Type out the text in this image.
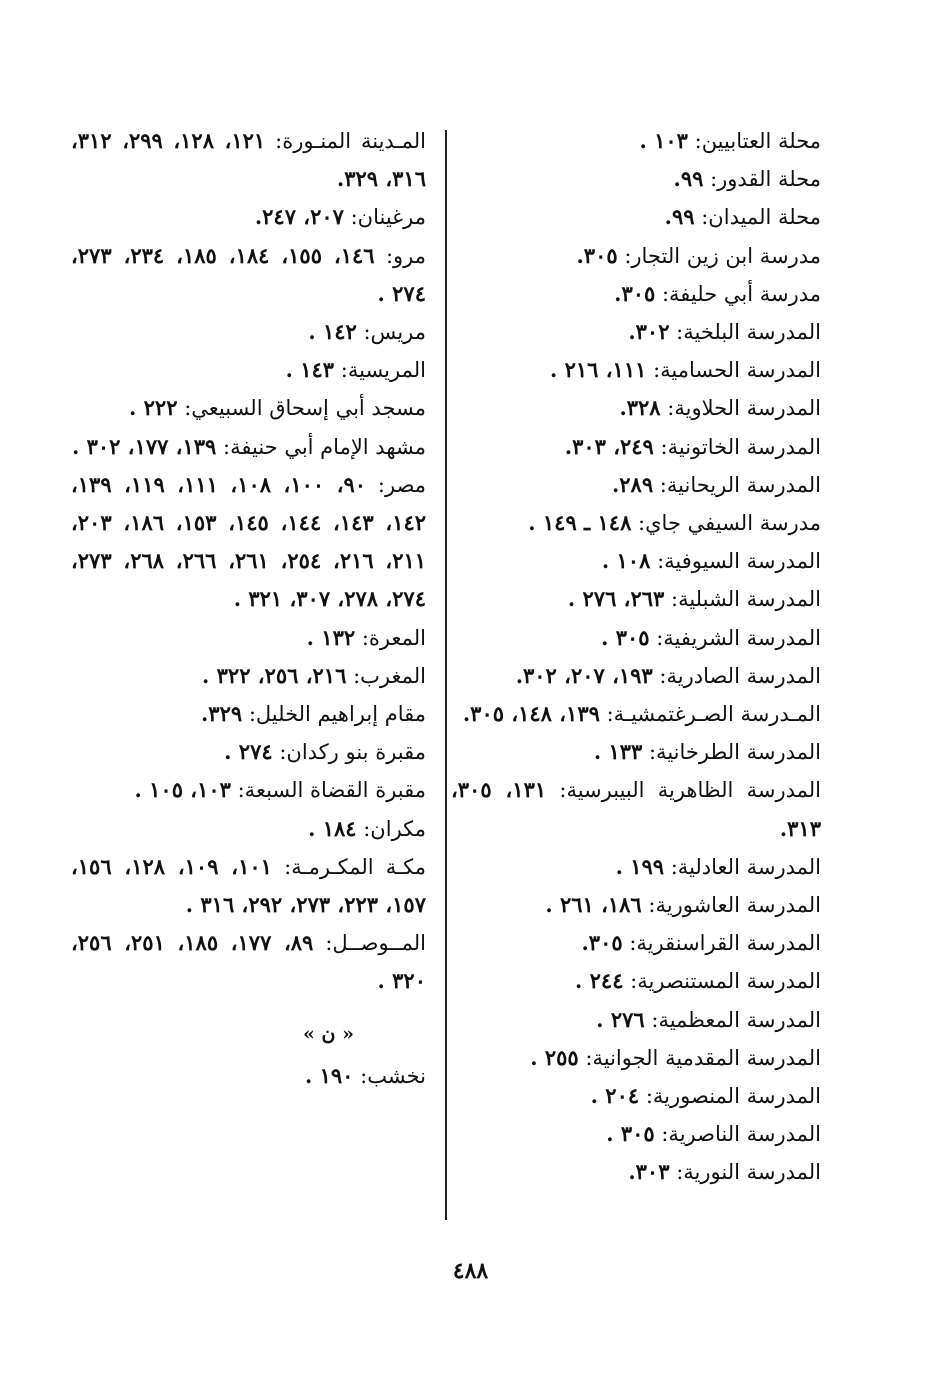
محلة العتابيين: ١٠٣ .

محلة القدور: ٩٩.

محلة الميدان: ٩٩.

مدرسة ابن زين التجار: ٣٠٥.

مدرسة أبي حليفة: ٣٠٥.

المدرسة البلخية: ٣٠٢.

المدرسة الحسامية: ١١١، ٢١٦ .

المدرسة الحلاوية: ٣٢٨.

المدرسة الخاتونية: ٢٤٩، ٣٠٣.

المدرسة الريحانية: ٢٨٩.

مدرسة السيفي جاي: ١٤٨ ـ ١٤٩ .

المدرسة السيوفية: ١٠٨ .

المدرسة الشبلية: ٢٦٣، ٢٧٦ .

المدرسة الشريفية: ٣٠٥ .

المدرسة الصادرية: ١٩٣، ٢٠٧، ٣٠٢.

المـدرسة الصـرغتمشيـة: ١٣٩، ١٤٨، ٣٠٥.

المدرسة الطرخانية: ١٣٣ .

المدرسة الظاهرية البيبرسية: ١٣١، ٣٠٥، ٣١٣.

المدرسة العادلية: ١٩٩ .

المدرسة العاشورية: ١٨٦، ٢٦١ .

المدرسة القراسنقرية: ٣٠٥.

المدرسة المستنصرية: ٢٤٤ .

المدرسة المعظمية: ٢٧٦ .

المدرسة المقدمية الجوانية: ٢٥٥ .

المدرسة المنصورية: ٢٠٤ .

المدرسة الناصرية: ٣٠٥ .

المدرسة النورية: ٣٠٣.

المـدينة المنـورة: ١٢١، ١٢٨، ٢٩٩، ٣١٢، ٣١٦، ٣٢٩.

مرغينان: ٢٠٧، ٢٤٧.

مرو: ١٤٦، ١٥٥، ١٨٤، ١٨٥، ٢٣٤، ٢٧٣، ٢٧٤ .

مريس: ١٤٢ .

المريسية: ١٤٣ .

مسجد أبي إسحاق السبيعي: ٢٢٢ .

مشهد الإمام أبي حنيفة: ١٣٩، ١٧٧، ٣٠٢ .

مصر: ٩٠، ١٠٠، ١٠٨، ١١١، ١١٩، ١٣٩، ١٤٢، ١٤٣، ١٤٤، ١٤٥، ١٥٣، ١٨٦، ٢٠٣، ٢١١، ٢١٦، ٢٥٤، ٢٦١، ٢٦٦، ٢٦٨، ٢٧٣، ٢٧٤، ٢٧٨، ٣٠٧، ٣٢١ .

المعرة: ١٣٢ .

المغرب: ٢١٦، ٢٥٦، ٣٢٢ .

مقام إبراهيم الخليل: ٣٢٩.

مقبرة بنو ركدان: ٢٧٤ .

مقبرة القضاة السبعة: ١٠٣، ١٠٥ .

مكران: ١٨٤ .

مكـة المكـرمـة: ١٠١، ١٠٩، ١٢٨، ١٥٦، ١٥٧، ٢٢٣، ٢٧٣، ٢٩٢، ٣١٦ .

المــوصــل: ٨٩، ١٧٧، ١٨٥، ٢٥١، ٢٥٦، ٣٢٠ .

« ن »

نخشب: ١٩٠ .

٤٨٨
